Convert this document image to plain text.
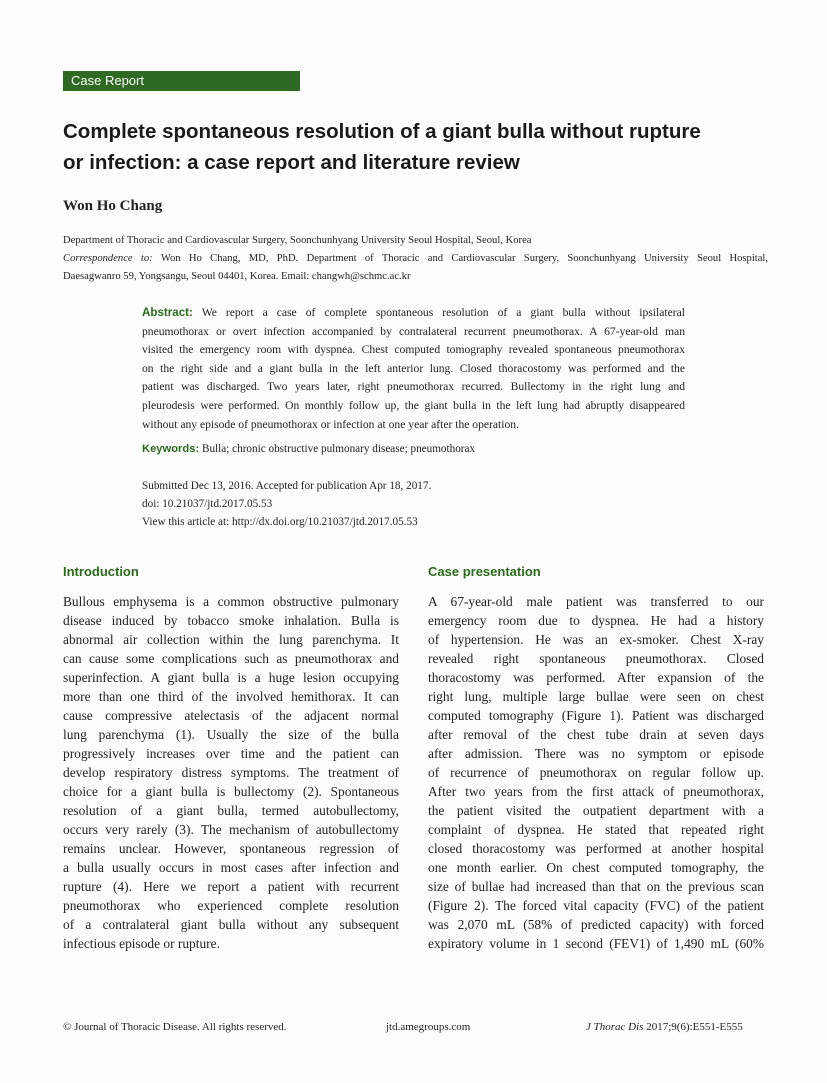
Case Report
Complete spontaneous resolution of a giant bulla without rupture
or infection: a case report and literature review
Won Ho Chang
Department of Thoracic and Cardiovascular Surgery, Soonchunhyang University Seoul Hospital, Seoul, Korea
Correspondence to: Won Ho Chang, MD, PhD. Department of Thoracic and Cardiovascular Surgery, Soonchunhyang University Seoul Hospital,
Daesagwanro 59, Yongsangu, Seoul 04401, Korea. Email: changwh@schmc.ac.kr
Abstract: We report a case of complete spontaneous resolution of a giant bulla without ipsilateral
pneumothorax or overt infection accompanied by contralateral recurrent pneumothorax. A 67-year-old man
visited the emergency room with dyspnea. Chest computed tomography revealed spontaneous pneumothorax
on the right side and a giant bulla in the left anterior lung. Closed thoracostomy was performed and the
patient was discharged. Two years later, right pneumothorax recurred. Bullectomy in the right lung and
pleurodesis were performed. On monthly follow up, the giant bulla in the left lung had abruptly disappeared
without any episode of pneumothorax or infection at one year after the operation.
Keywords: Bulla; chronic obstructive pulmonary disease; pneumothorax
Submitted Dec 13, 2016. Accepted for publication Apr 18, 2017.
doi: 10.21037/jtd.2017.05.53
View this article at: http://dx.doi.org/10.21037/jtd.2017.05.53
Introduction	Case presentation
Bullous emphysema is a common obstructive pulmonary
disease induced by tobacco smoke inhalation. Bulla is
abnormal air collection within the lung parenchyma. It
can cause some complications such as pneumothorax and
superinfection. A giant bulla is a huge lesion occupying
more than one third of the involved hemithorax. It can
cause compressive atelectasis of the adjacent normal
lung parenchyma (1). Usually the size of the bulla
progressively increases over time and the patient can
develop respiratory distress symptoms. The treatment of
choice for a giant bulla is bullectomy (2). Spontaneous
resolution of a giant bulla, termed autobullectomy,
occurs very rarely (3). The mechanism of autobullectomy
remains unclear. However, spontaneous regression of
a bulla usually occurs in most cases after infection and
rupture (4). Here we report a patient with recurrent
pneumothorax who experienced complete resolution
of a contralateral giant bulla without any subsequent
infectious episode or rupture.
A 67-year-old male patient was transferred to our
emergency room due to dyspnea. He had a history
of hypertension. He was an ex-smoker. Chest X-ray
revealed right spontaneous pneumothorax. Closed
thoracostomy was performed. After expansion of the
right lung, multiple large bullae were seen on chest
computed tomography (Figure 1). Patient was discharged
after removal of the chest tube drain at seven days
after admission. There was no symptom or episode
of recurrence of pneumothorax on regular follow up.
After two years from the first attack of pneumothorax,
the patient visited the outpatient department with a
complaint of dyspnea. He stated that repeated right
closed thoracostomy was performed at another hospital
one month earlier. On chest computed tomography, the
size of bullae had increased than that on the previous scan
(Figure 2). The forced vital capacity (FVC) of the patient
was 2,070 mL (58% of predicted capacity) with forced
expiratory volume in 1 second (FEV1) of 1,490 mL (60%
© Journal of Thoracic Disease. All rights reserved.	jtd.amegroups.com	J Thorac Dis 2017;9(6):E551-E555
